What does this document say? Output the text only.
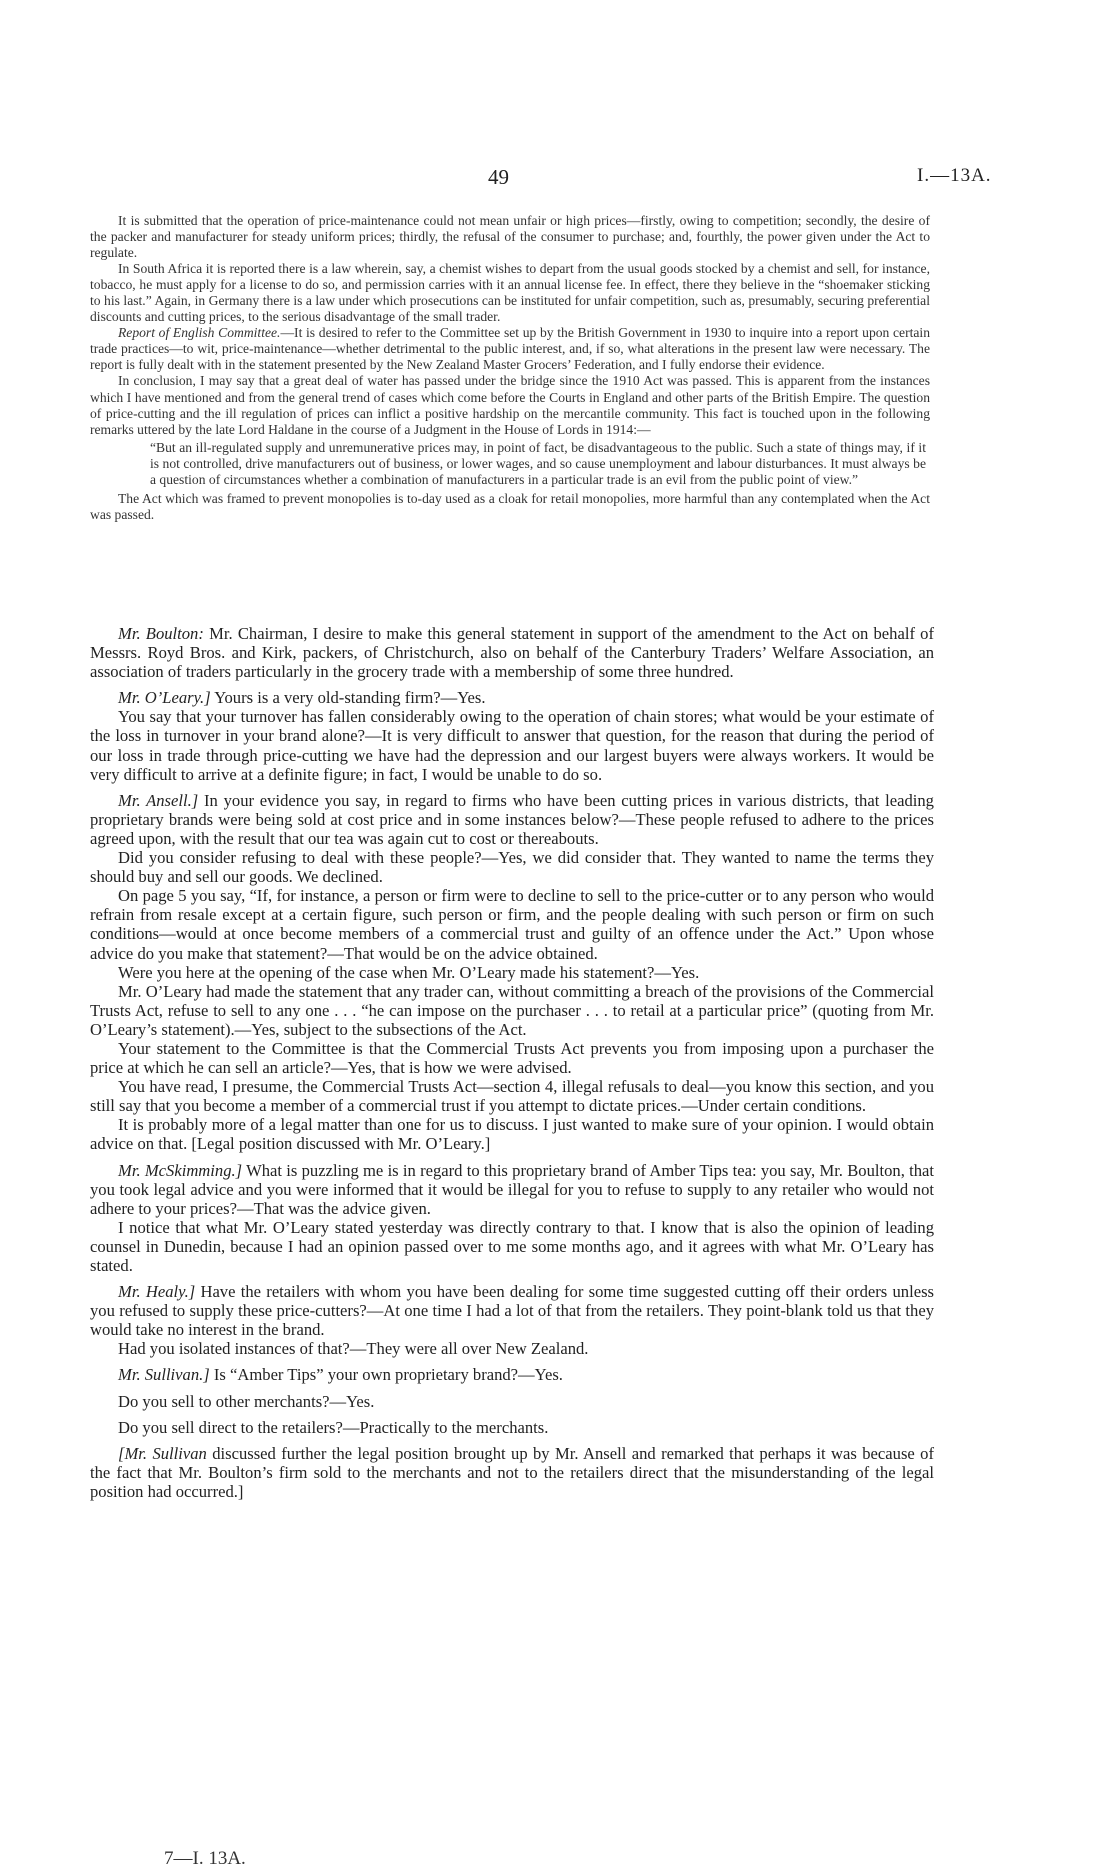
49	I.—13A.

It is submitted that the operation of price-maintenance could not mean unfair or high prices—firstly, owing to competition; secondly, the desire of the packer and manufacturer for steady uniform prices; thirdly, the refusal of the consumer to purchase; and, fourthly, the power given under the Act to regulate.

In South Africa it is reported there is a law wherein, say, a chemist wishes to depart from the usual goods stocked by a chemist and sell, for instance, tobacco, he must apply for a license to do so, and permission carries with it an annual license fee. In effect, there they believe in the “shoemaker sticking to his last.” Again, in Germany there is a law under which prosecutions can be instituted for unfair competition, such as, presumably, securing preferential discounts and cutting prices, to the serious disadvantage of the small trader.

Report of English Committee.—It is desired to refer to the Committee set up by the British Government in 1930 to inquire into a report upon certain trade practices—to wit, price-maintenance—whether detrimental to the public interest, and, if so, what alterations in the present law were necessary. The report is fully dealt with in the statement presented by the New Zealand Master Grocers’ Federation, and I fully endorse their evidence.

In conclusion, I may say that a great deal of water has passed under the bridge since the 1910 Act was passed. This is apparent from the instances which I have mentioned and from the general trend of cases which come before the Courts in England and other parts of the British Empire. The question of price-cutting and the ill regulation of prices can inflict a positive hardship on the mercantile community. This fact is touched upon in the following remarks uttered by the late Lord Haldane in the course of a Judgment in the House of Lords in 1914:—

“But an ill-regulated supply and unremunerative prices may, in point of fact, be disadvantageous to the public. Such a state of things may, if it is not controlled, drive manufacturers out of business, or lower wages, and so cause unemployment and labour disturbances. It must always be a question of circumstances whether a combination of manufacturers in a particular trade is an evil from the public point of view.”

The Act which was framed to prevent monopolies is to-day used as a cloak for retail monopolies, more harmful than any contemplated when the Act was passed.

Mr. Boulton: Mr. Chairman, I desire to make this general statement in support of the amendment to the Act on behalf of Messrs. Royd Bros. and Kirk, packers, of Christchurch, also on behalf of the Canterbury Traders’ Welfare Association, an association of traders particularly in the grocery trade with a membership of some three hundred.

Mr. O’Leary.] Yours is a very old-standing firm?—Yes.

You say that your turnover has fallen considerably owing to the operation of chain stores; what would be your estimate of the loss in turnover in your brand alone?—It is very difficult to answer that question, for the reason that during the period of our loss in trade through price-cutting we have had the depression and our largest buyers were always workers. It would be very difficult to arrive at a definite figure; in fact, I would be unable to do so.

Mr. Ansell.] In your evidence you say, in regard to firms who have been cutting prices in various districts, that leading proprietary brands were being sold at cost price and in some instances below?—These people refused to adhere to the prices agreed upon, with the result that our tea was again cut to cost or thereabouts.

Did you consider refusing to deal with these people?—Yes, we did consider that. They wanted to name the terms they should buy and sell our goods. We declined.

On page 5 you say, “If, for instance, a person or firm were to decline to sell to the price-cutter or to any person who would refrain from resale except at a certain figure, such person or firm, and the people dealing with such person or firm on such conditions—would at once become members of a commercial trust and guilty of an offence under the Act.” Upon whose advice do you make that statement?—That would be on the advice obtained.

Were you here at the opening of the case when Mr. O’Leary made his statement?—Yes.

Mr. O’Leary had made the statement that any trader can, without committing a breach of the provisions of the Commercial Trusts Act, refuse to sell to any one . . . “he can impose on the purchaser . . . to retail at a particular price” (quoting from Mr. O’Leary’s statement).—Yes, subject to the subsections of the Act.

Your statement to the Committee is that the Commercial Trusts Act prevents you from imposing upon a purchaser the price at which he can sell an article?—Yes, that is how we were advised.

You have read, I presume, the Commercial Trusts Act—section 4, illegal refusals to deal—you know this section, and you still say that you become a member of a commercial trust if you attempt to dictate prices.—Under certain conditions.

It is probably more of a legal matter than one for us to discuss. I just wanted to make sure of your opinion. I would obtain advice on that. [Legal position discussed with Mr. O’Leary.]

Mr. McSkimming.] What is puzzling me is in regard to this proprietary brand of Amber Tips tea: you say, Mr. Boulton, that you took legal advice and you were informed that it would be illegal for you to refuse to supply to any retailer who would not adhere to your prices?—That was the advice given.

I notice that what Mr. O’Leary stated yesterday was directly contrary to that. I know that is also the opinion of leading counsel in Dunedin, because I had an opinion passed over to me some months ago, and it agrees with what Mr. O’Leary has stated.

Mr. Healy.] Have the retailers with whom you have been dealing for some time suggested cutting off their orders unless you refused to supply these price-cutters?—At one time I had a lot of that from the retailers. They point-blank told us that they would take no interest in the brand.

Had you isolated instances of that?—They were all over New Zealand.

Mr. Sullivan.] Is “Amber Tips” your own proprietary brand?—Yes.

Do you sell to other merchants?—Yes.

Do you sell direct to the retailers?—Practically to the merchants.

[Mr. Sullivan discussed further the legal position brought up by Mr. Ansell and remarked that perhaps it was because of the fact that Mr. Boulton’s firm sold to the merchants and not to the retailers direct that the misunderstanding of the legal position had occurred.]

7—I. 13A.
